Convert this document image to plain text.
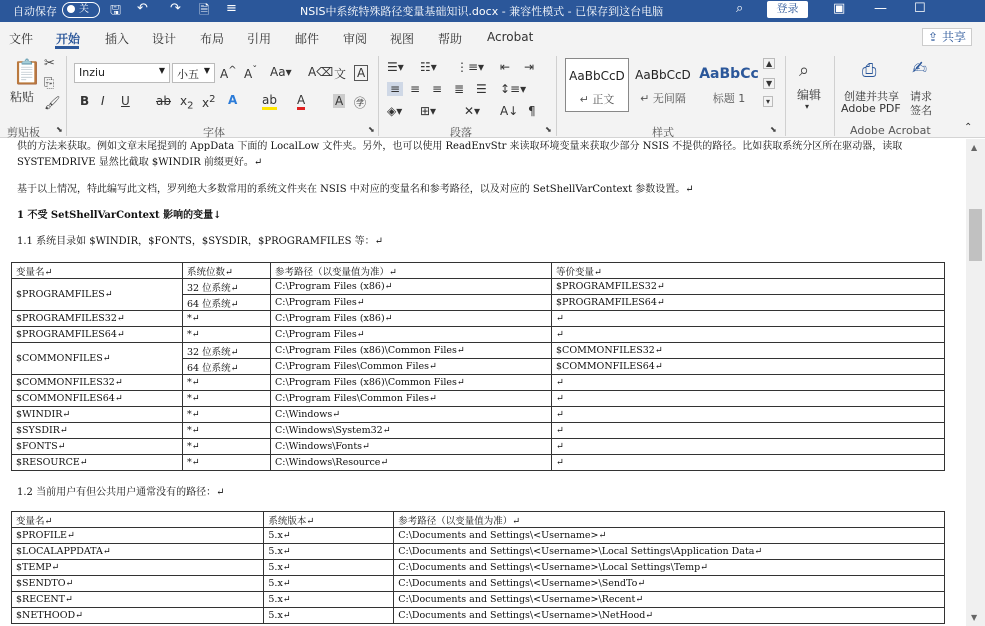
自动保存	关	🖫 ↶ ↷ 🗎 ≡	NSIS中系统特殊路径变量基础知识.docx - 兼容性模式 - 已保存到这台电脑	⌕	登录	▣ — ☐
文件 开始 插入 设计 布局 引用 邮件 审阅 视图 帮助 Acrobat	⇪ 共享
📋
粘贴
✂
⎘
🖌
剪贴板 ⬊
Inziu	▼	小五 ▼ A^ $A^ˇ$ Aa▾ A⌫ 文 A
B I U ab $x_2$ $x^2$ A ab A A ㊫
字体	⬊
☰▾ ☷▾ ⋮≡▾ ⇤ ⇥
≡ ≡ ≡ ≣ ☰ ↕≡▾
◈▾ ⊞▾ ✕▾ A↓ ¶
段落	⬊
AaBbCcD
↵ 正文
AaBbCcD
↵ 无间隔
AaBbCc
标题 1
▲
▼
▾
样式	⬊
⌕
编辑
▾
⎙
创建并共享
Adobe PDF
✍
请求
签名
Adobe Acrobat	⌃
供的方法来获取。例如文章末尾提到的 AppData 下面的 LocalLow 文件夹。另外，也可以使用 ReadEnvStr 来读取环境变量来获取少部分 NSIS 不提供的路径。比如获取系统分区所在驱动器，读取
SYSTEMDRIVE 显然比截取 $WINDIR 前缀更好。↵
基于以上情况，特此编写此文档，罗列绝大多数常用的系统文件夹在 NSIS 中对应的变量名和参考路径，以及对应的 SetShellVarContext 参数设置。↵
1 不受 SetShellVarContext 影响的变量↓
1.1 系统目录如 $WINDIR，$FONTS，$SYSDIR，$PROGRAMFILES 等：↵
变量名↵	系统位数↵	参考路径（以变量值为准）↵	等价变量↵
$PROGRAMFILES↵	32 位系统↵	C:\Program Files (x86)↵	$PROGRAMFILES32↵
	64 位系统↵	C:\Program Files↵	$PROGRAMFILES64↵
$PROGRAMFILES32↵	*↵	C:\Program Files (x86)↵	↵
$PROGRAMFILES64↵	*↵	C:\Program Files↵	↵
$COMMONFILES↵	32 位系统↵	C:\Program Files (x86)\Common Files↵	$COMMONFILES32↵
	64 位系统↵	C:\Program Files\Common Files↵	$COMMONFILES64↵
$COMMONFILES32↵	*↵	C:\Program Files (x86)\Common Files↵	↵
$COMMONFILES64↵	*↵	C:\Program Files\Common Files↵	↵
$WINDIR↵	*↵	C:\Windows↵	↵
$SYSDIR↵	*↵	C:\Windows\System32↵	↵
$FONTS↵	*↵	C:\Windows\Fonts↵	↵
$RESOURCE↵	*↵	C:\Windows\Resource↵	↵
1.2 当前用户有但公共用户通常没有的路径：↵
变量名↵	系统版本↵	参考路径（以变量值为准）↵
$PROFILE↵	5.x↵	C:\Documents and Settings\<Username>↵
$LOCALAPPDATA↵	5.x↵	C:\Documents and Settings\<Username>\Local Settings\Application Data↵
$TEMP↵	5.x↵	C:\Documents and Settings\<Username>\Local Settings\Temp↵
$SENDTO↵	5.x↵	C:\Documents and Settings\<Username>\SendTo↵
$RECENT↵	5.x↵	C:\Documents and Settings\<Username>\Recent↵
$NETHOOD↵	5.x↵	C:\Documents and Settings\<Username>\NetHood↵
▲
▼
